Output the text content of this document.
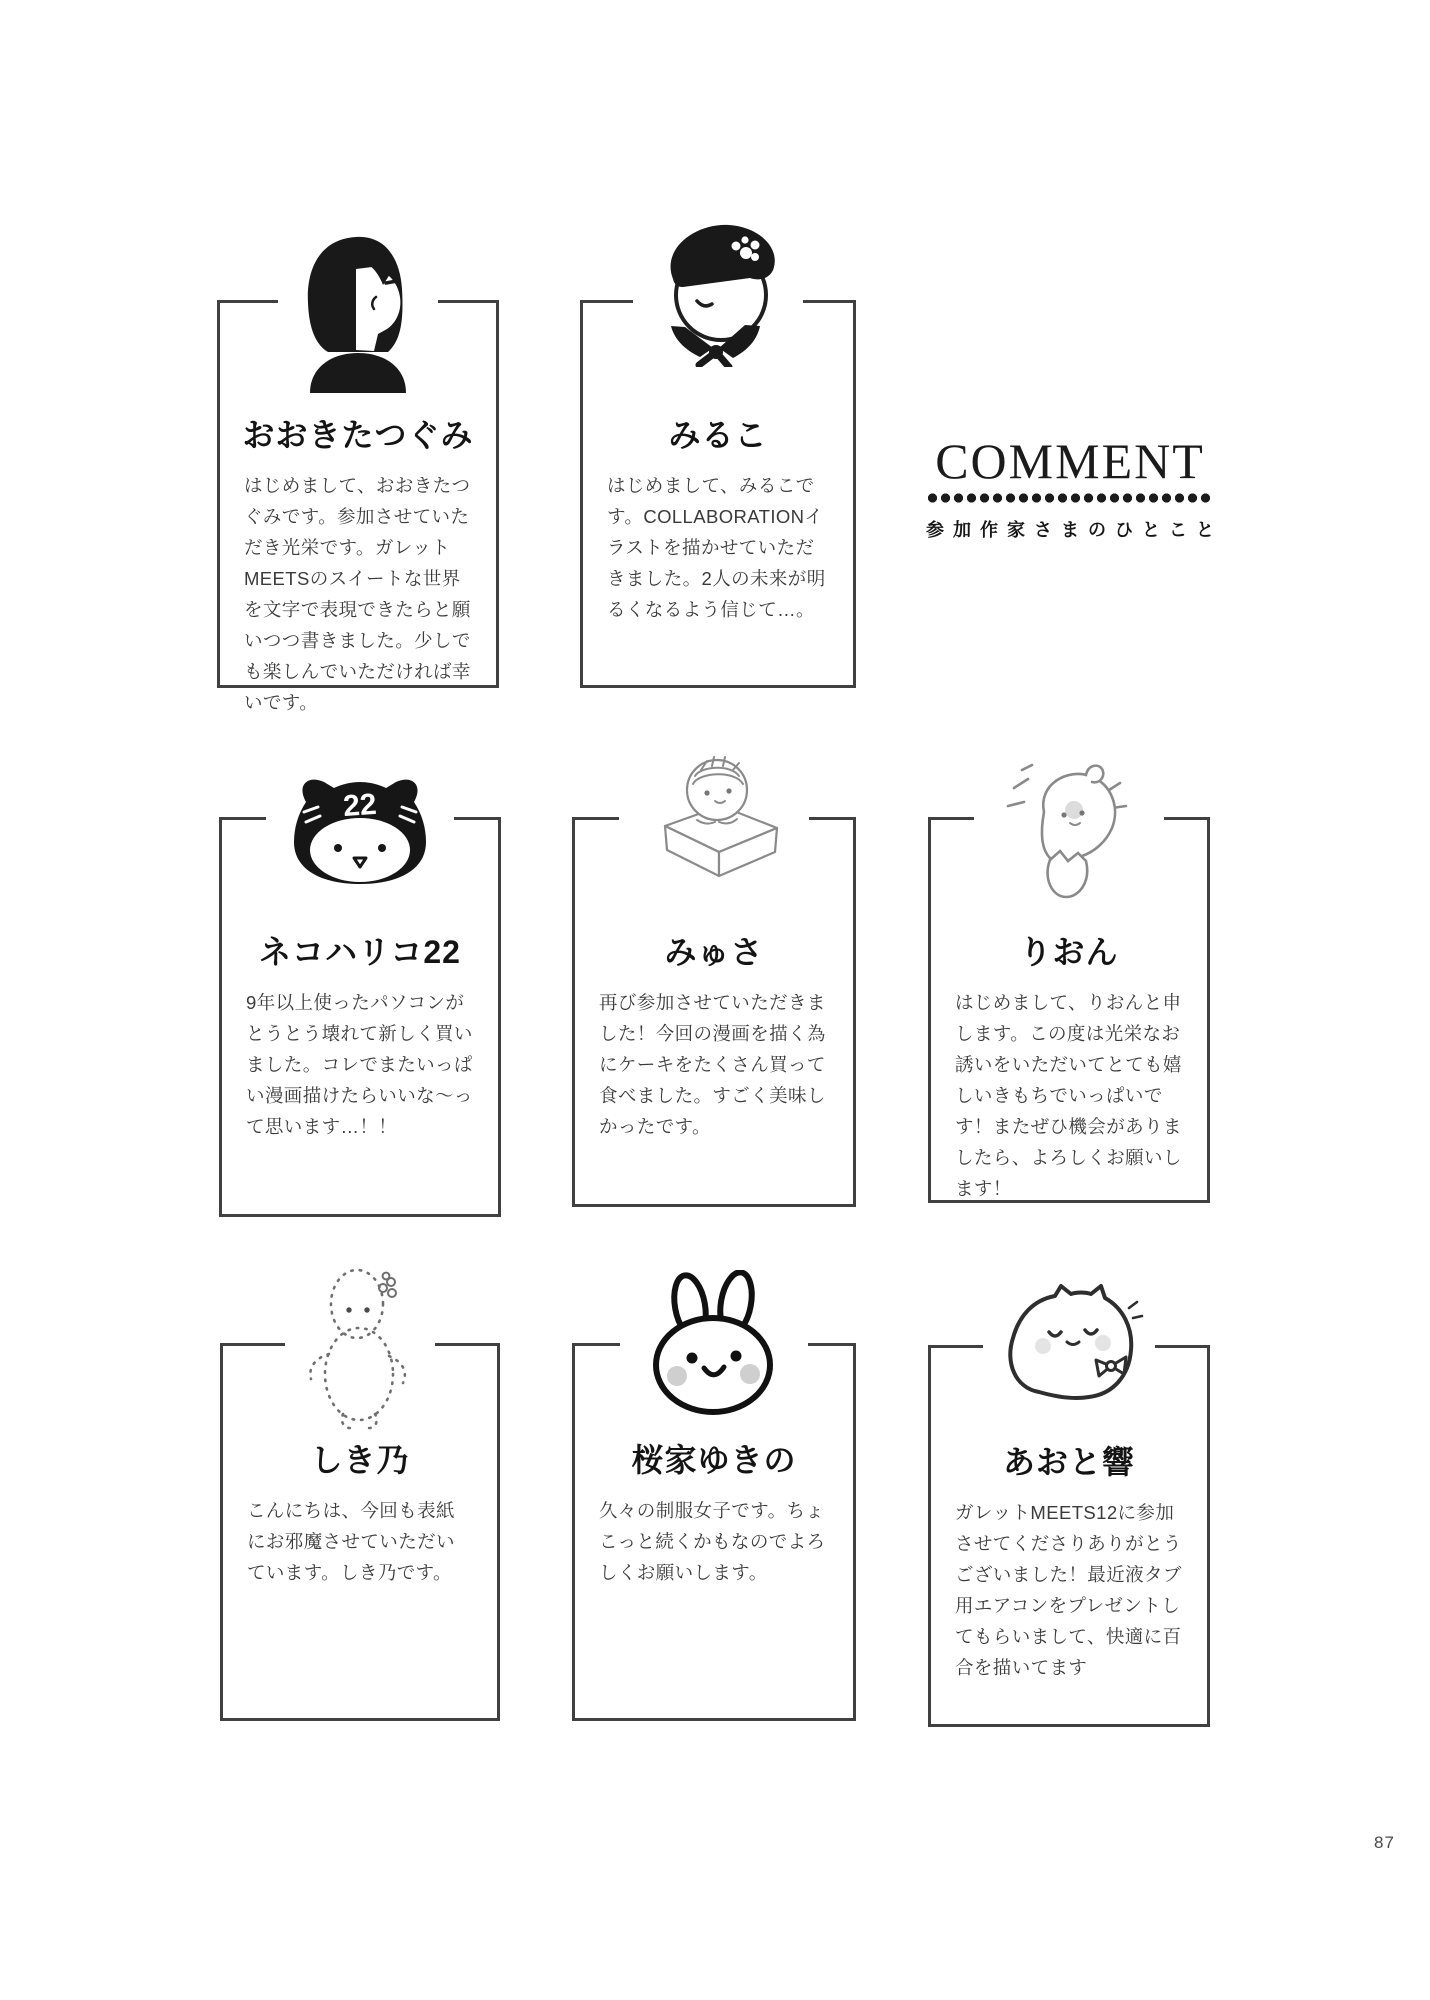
COMMENT
参加作家さまのひとこと
おおきたつぐみ

はじめまして、おおきたつぐみです。参加させていただき光栄です。ガレットMEETSのスイートな世界を文字で表現できたらと願いつつ書きました。少しでも楽しんでいただければ幸いです。

みるこ

はじめまして、みるこです。COLLABORATIONイラストを描かせていただきました。2人の未来が明るくなるよう信じて…。

22
ネコハリコ22

9年以上使ったパソコンがとうとう壊れて新しく買いました。コレでまたいっぱい漫画描けたらいいな〜って思います…！！

みゅさ

再び参加させていただきました！今回の漫画を描く為にケーキをたくさん買って食べました。すごく美味しかったです。

りおん

はじめまして、りおんと申します。この度は光栄なお誘いをいただいてとても嬉しいきもちでいっぱいです！またぜひ機会がありましたら、よろしくお願いします！

しき乃

こんにちは、今回も表紙にお邪魔させていただいています。しき乃です。

桜家ゆきの

久々の制服女子です。ちょこっと続くかもなのでよろしくお願いします。

あおと響

ガレットMEETS12に参加させてくださりありがとうございました！最近液タブ用エアコンをプレゼントしてもらいまして、快適に百合を描いてます

87
